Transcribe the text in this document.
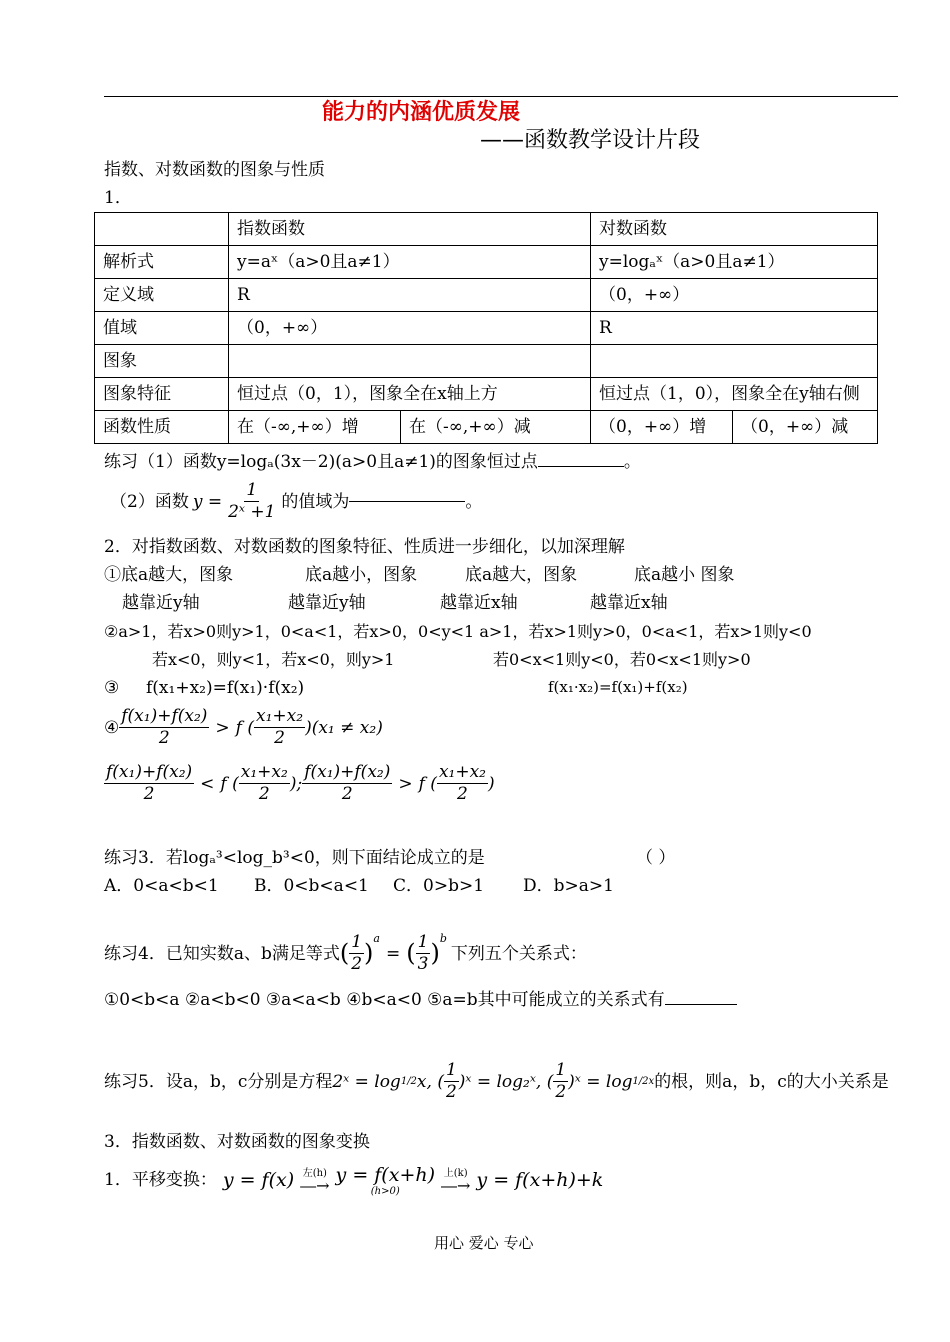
能力的内涵优质发展
——函数教学设计片段
指数、对数函数的图象与性质
1．
	指数函数		对数函数	
解析式	y=aˣ（a>0且a≠1）		y=logₐˣ（a>0且a≠1）	
定义域	R		（0，+∞）	
值域	（0，+∞）		R	
图象				
图象特征	恒过点（0，1），图象全在x轴上方		恒过点（1，0），图象全在y轴右侧	
函数性质	在（-∞,+∞）增	在（-∞,+∞）减	（0，+∞）增	（0，+∞）减
练习（1）函数y=logₐ(3x－2)(a>0且a≠1)的图象恒过点	。
（2）函数 $y = \frac{1}{\text{2ˣ +1}}$ 的值域为	。
2．对指数函数、对数函数的图象特征、性质进一步细化，以加深理解
①底a越大，图象	底a越小，图象	底a越大，图象	底a越小 图象
越靠近y轴	越靠近y轴	越靠近x轴	越靠近x轴
②a>1，若x>0则y>1，0<a<1，若x>0，0<y<1 a>1，若x>1则y>0，0<a<1，若x>1则y<0
若x<0，则y<1，若x<0，则y>1	若0<x<1则y<0，若0<x<1则y>0
③ f(x₁+x₂)=f(x₁)·f(x₂)	f(x₁·x₂)=f(x₁)+f(x₂)
④ $\frac{\text{f(x₁)+f(x₂)}}{2} > f$ ( $\frac{\text{x₁+x₂}}{2}$ ) (x₁ ≠ x₂)
$\frac{\text{f(x₁)+f(x₂)}}{2} < f$ ( $\frac{\text{x₁+x₂}}{2}$ ); $\frac{\text{f(x₁)+f(x₂)}}{2} > f$ ( $\frac{\text{x₁+x₂}}{2}$ )
练习3．若logₐ³<log_b³<0，则下面结论成立的是	（ ）
A．0<a<b<1 B．0<b<a<1 C．0>b>1 D．b>a>1
练习4．已知实数a、b满足等式 ( $\frac{1}{2}$ )
$^a$
= ( $\frac{1}{3}$ )
$^b$
下列五个关系式：
①0<b<a ②a<b<0 ③a<a<b ④b<a<0 ⑤a=b其中可能成立的关系式有
练习5．设a，b，c分别是方程 2ˣ = log 1/2 x, ( $\frac{1}{2}$ )ˣ = log₂ˣ, ( $\frac{1}{2}$ )ˣ = log 1/2 x 的根，则a，b，c的大小关系是
3．指数函数、对数函数的图象变换
1．平移变换： y = f(x) 左(h)
―→ y = f(x+h)
(h>0)
上(k)
―→ y = f(x+h)+k
用心 爱心 专心
